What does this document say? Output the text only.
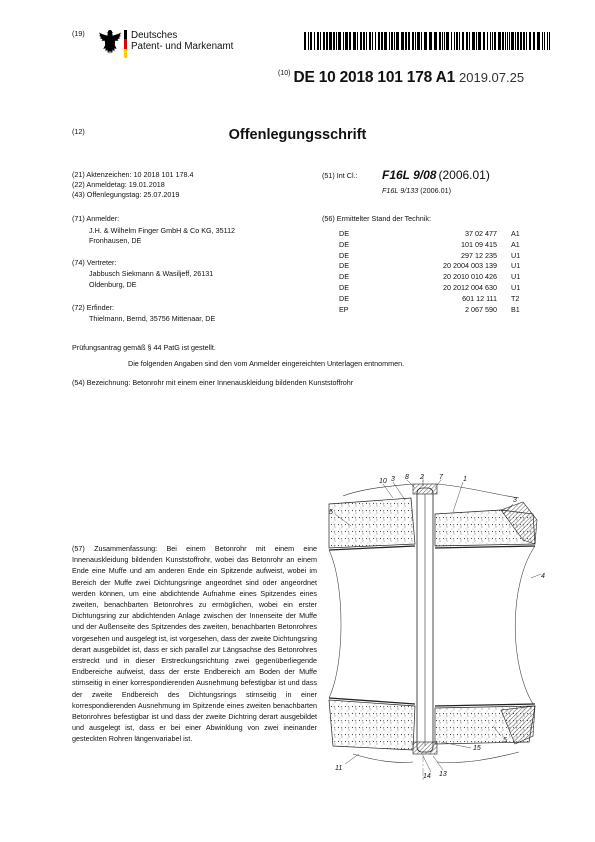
(19)	Deutsches
Patent- und Markenamt
(10) DE 10 2018 101 178 A1 2019.07.25
(12)	Offenlegungsschrift
(21) Aktenzeichen: 10 2018 101 178.4
(22) Anmeldetag: 19.01.2018
(43) Offenlegungstag: 25.07.2019
(51) Int Cl.: F16L 9/08 (2006.01)
F16L 9/133 (2006.01)
(71) Anmelder:
J.H. & Wilhelm Finger GmbH & Co KG, 35112
Fronhausen, DE
(74) Vertreter:
Jabbusch Siekmann & Wasiljeff, 26131
Oldenburg, DE
(72) Erfinder:
Thielmann, Bernd, 35756 Mittenaar, DE
(56) Ermittelter Stand der Technik:
DE	37 02 477	A1
DE	101 09 415	A1
DE	297 12 235	U1
DE	20 2004 003 139	U1
DE	20 2010 010 426	U1
DE	20 2012 004 630	U1
DE	601 12 111	T2
EP	2 067 590	B1
Prüfungsantrag gemäß § 44 PatG ist gestellt.
Die folgenden Angaben sind den vom Anmelder eingereichten Unterlagen entnommen.
(54) Bezeichnung: Betonrohr mit einem einer Innenauskleidung bildenden Kunststoffrohr
(57) Zusammenfassung: Bei einem Betonrohr mit einem eine Innenauskleidung bildenden Kunststoffrohr, wobei das Betonrohr an einem Ende eine Muffe und am anderen Ende ein Spitzende aufweist, wobei im Bereich der Muffe zwei Dichtungsringe angeordnet sind oder angeordnet werden können, um eine abdichtende Aufnahme eines Spitzendes eines zweiten, benachbarten Betonrohres zu ermöglichen, wobei ein erster Dichtungsring zur abdichtenden Anlage zwischen der Innenseite der Muffe und der Außenseite des Spitzendes des zweiten, benachbarten Betonrohres vorgesehen und ausgelegt ist, ist vorgesehen, dass der zweite Dichtungsring derart ausgebildet ist, dass er sich parallel zur Längsachse des Betonrohres erstreckt und in dieser Erstreckungsrichtung zwei gegenüberliegende Endbereiche aufweist, dass der erste Endbereich am Boden der Muffe stirnseitig in einer korrespondierenden Ausnehmung befestigbar ist und dass der zweite Endbereich des Dichtungsrings stirnseitig in einer korrespondierenden Ausnehmung im Spitzende eines zweiten benachbarten Betonrohres befestigbar ist und dass der zweite Dichtring derart ausgebildet und ausgelegt ist, dass er bei einer Abwinklung von zwei ineinander gesteckten Rohren längenvariabel ist.
10 3 8 2 7	1
5
3
4
11
14 13
15
5
